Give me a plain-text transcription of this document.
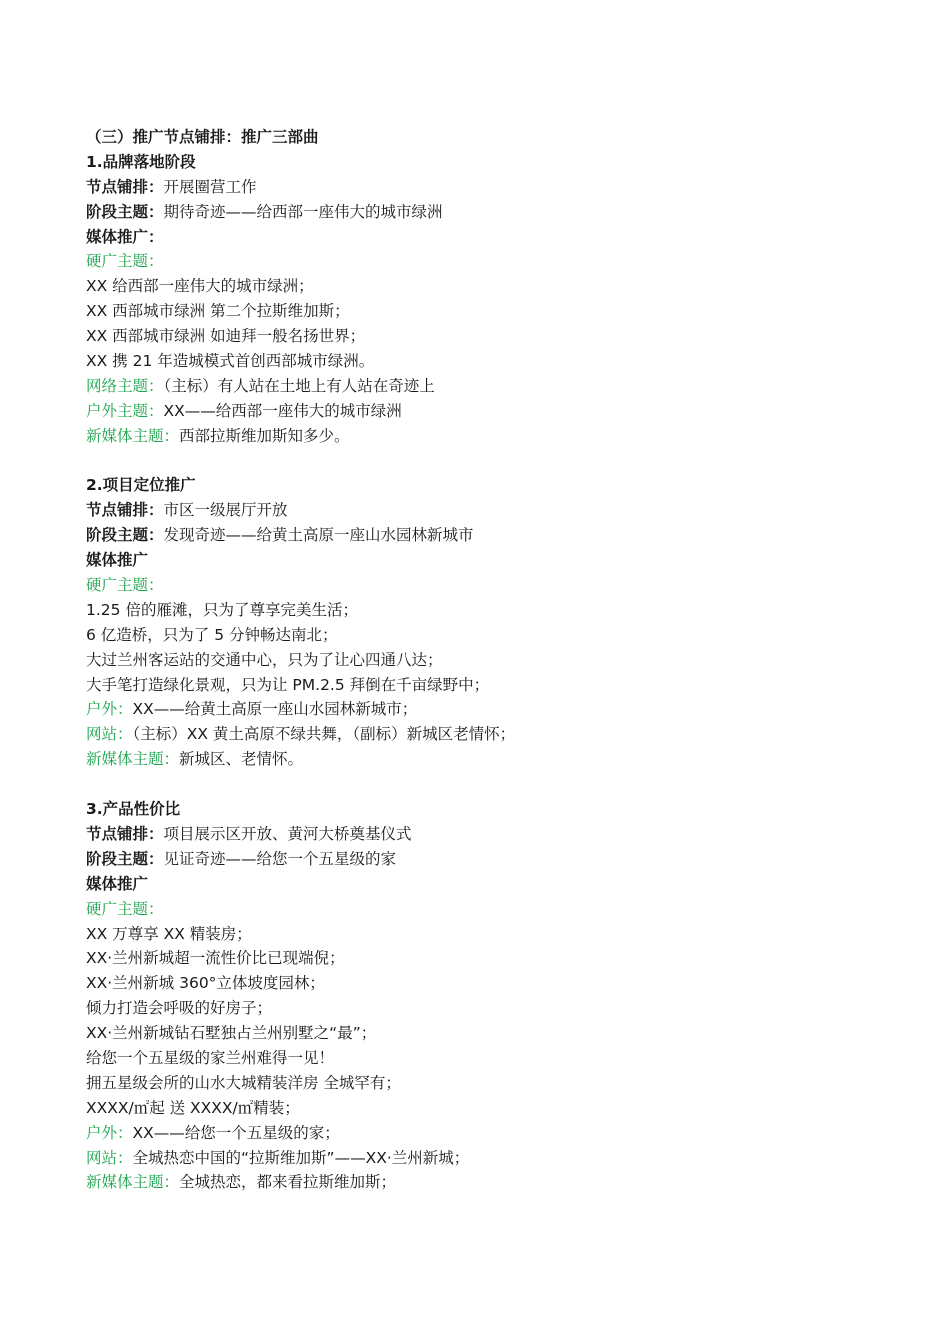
（三）推广节点铺排：推广三部曲
1.品牌落地阶段
节点铺排：开展圈营工作
阶段主题：期待奇迹——给西部一座伟大的城市绿洲
媒体推广：
硬广主题：
XX 给西部一座伟大的城市绿洲；
XX 西部城市绿洲 第二个拉斯维加斯；
XX 西部城市绿洲 如迪拜一般名扬世界；
XX 携 21 年造城模式首创西部城市绿洲。
网络主题：（主标）有人站在土地上有人站在奇迹上
户外主题：XX——给西部一座伟大的城市绿洲
新媒体主题：西部拉斯维加斯知多少。
2.项目定位推广
节点铺排：市区一级展厅开放
阶段主题：发现奇迹——给黄土高原一座山水园林新城市
媒体推广
硬广主题：
1.25 倍的雁滩，只为了尊享完美生活；
6 亿造桥，只为了 5 分钟畅达南北；
大过兰州客运站的交通中心，只为了让心四通八达；
大手笔打造绿化景观，只为让 PM.2.5 拜倒在千亩绿野中；
户外：XX——给黄土高原一座山水园林新城市；
网站：（主标）XX 黄土高原不绿共舞，（副标）新城区老情怀；
新媒体主题：新城区、老情怀。
3.产品性价比
节点铺排：项目展示区开放、黄河大桥奠基仪式
阶段主题：见证奇迹——给您一个五星级的家
媒体推广
硬广主题：
XX 万尊享 XX 精装房；
XX·兰州新城超一流性价比已现端倪；
XX·兰州新城 360°立体坡度园林；
倾力打造会呼吸的好房子；
XX·兰州新城钻石墅独占兰州别墅之“最”；
给您一个五星级的家兰州难得一见！
拥五星级会所的山水大城精装洋房 全城罕有；
XXXX/㎡起 送 XXXX/㎡精装；
户外：XX——给您一个五星级的家；
网站：全城热恋中国的“拉斯维加斯”——XX·兰州新城；
新媒体主题：全城热恋，都来看拉斯维加斯；
